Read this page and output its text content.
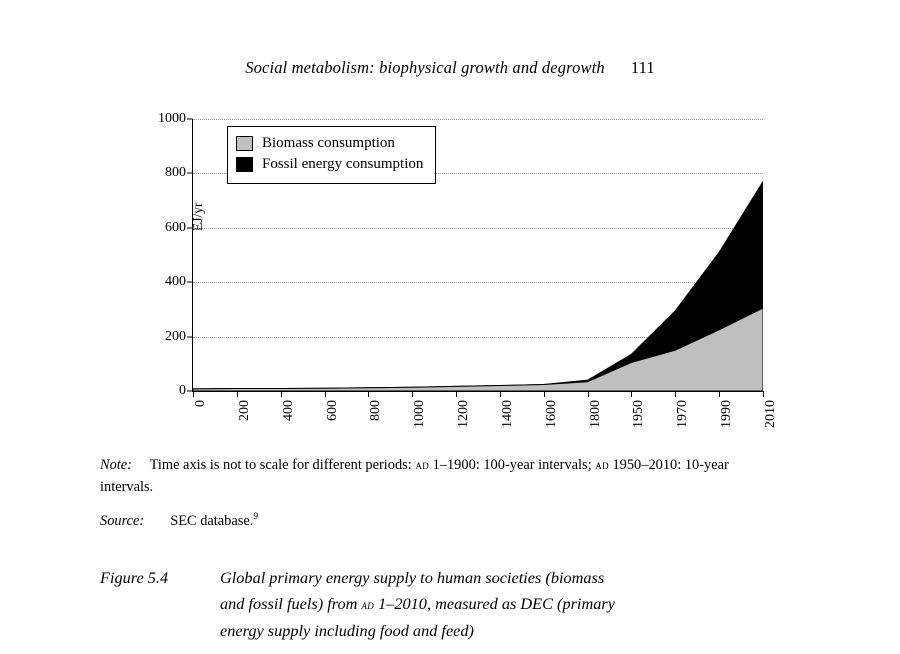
Social metabolism: biophysical growth and degrowth 111
EJ/yr
1000
800
600
400
200
0
0 200 400 600 800 1000 1200 1400 1600 1800 1950 1970 1990 2010
Biomass consumption
Fossil energy consumption
Note: Time axis is not to scale for different periods: ad 1–1900: 100-year intervals; ad 1950–2010: 10-year intervals.
Source: SEC database.$^9$
Figure 5.4	Global primary energy supply to human societies (biomass
and fossil fuels) from ad 1–2010, measured as DEC (primary
energy supply including food and feed)
